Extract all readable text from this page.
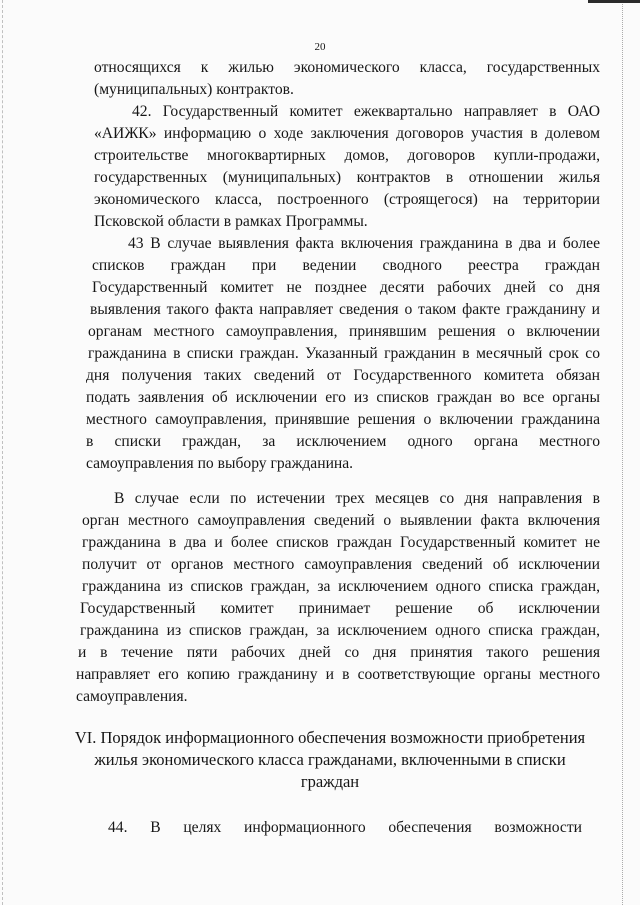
20
относящихся к жилью экономического класса, государственных
(муниципальных) контрактов.
42. Государственный комитет ежеквартально направляет в ОАО
«АИЖК» информацию о ходе заключения договоров участия в долевом
строительстве многоквартирных домов, договоров купли-продажи,
государственных (муниципальных) контрактов в отношении жилья
экономического класса, построенного (строящегося) на территории
Псковской области в рамках Программы.
43 В случае выявления факта включения гражданина в два и более
списков граждан при ведении сводного реестра граждан
Государственный комитет не позднее десяти рабочих дней со дня
выявления такого факта направляет сведения о таком факте гражданину и
органам местного самоуправления, принявшим решения о включении
гражданина в списки граждан. Указанный гражданин в месячный срок со
дня получения таких сведений от Государственного комитета обязан
подать заявления об исключении его из списков граждан во все органы
местного самоуправления, принявшие решения о включении гражданина
в списки граждан, за исключением одного органа местного
самоуправления по выбору гражданина.
В случае если по истечении трех месяцев со дня направления в
орган местного самоуправления сведений о выявлении факта включения
гражданина в два и более списков граждан Государственный комитет не
получит от органов местного самоуправления сведений об исключении
гражданина из списков граждан, за исключением одного списка граждан,
Государственный комитет принимает решение об исключении
гражданина из списков граждан, за исключением одного списка граждан,
и в течение пяти рабочих дней со дня принятия такого решения
направляет его копию гражданину и в соответствующие органы местного
самоуправления.
VI. Порядок информационного обеспечения возможности приобретения
жилья экономического класса гражданами, включенными в списки
граждан
44. В целях информационного обеспечения возможности
